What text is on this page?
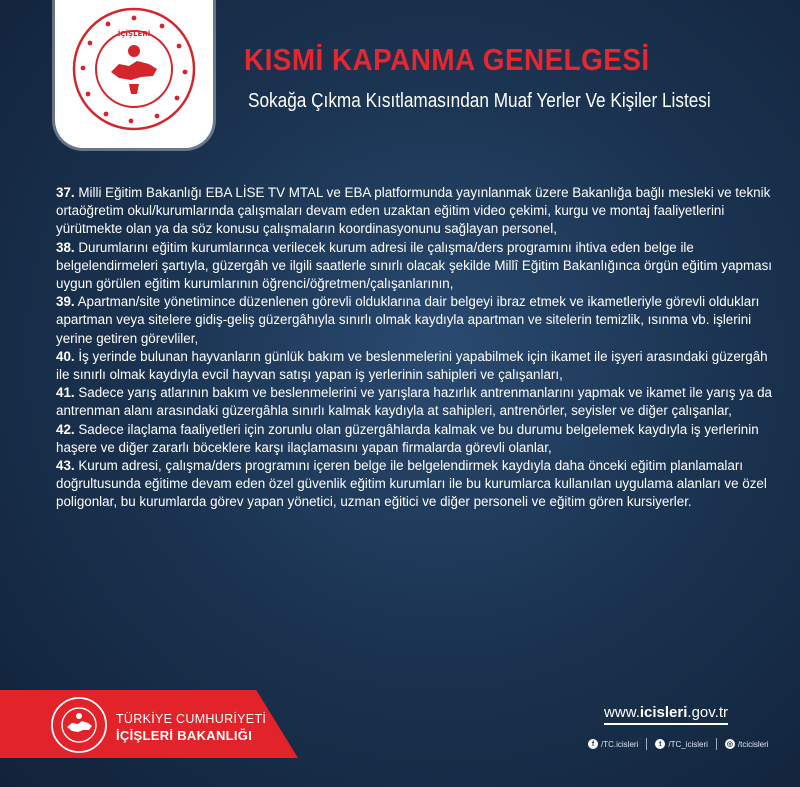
İÇİŞLERİ
KISMİ KAPANMA GENELGESİ
Sokağa Çıkma Kısıtlamasından Muaf Yerler Ve Kişiler Listesi

37. Milli Eğitim Bakanlığı EBA LİSE TV MTAL ve EBA platformunda yayınlanmak üzere Bakanlığa bağlı mesleki ve teknik ortaöğretim okul/kurumlarında çalışmaları devam eden uzaktan eğitim video çekimi, kurgu ve montaj faaliyetlerini yürütmekte olan ya da söz konusu çalışmaların koordinasyonunu sağlayan personel,

38. Durumlarını eğitim kurumlarınca verilecek kurum adresi ile çalışma/ders programını ihtiva eden belge ile belgelendirmeleri şartıyla, güzergâh ve ilgili saatlerle sınırlı olacak şekilde Millî Eğitim Bakanlığınca örgün eğitim yapması uygun görülen eğitim kurumlarının öğrenci/öğretmen/çalışanlarının,

39. Apartman/site yönetimince düzenlenen görevli olduklarına dair belgeyi ibraz etmek ve ikametleriyle görevli oldukları apartman veya sitelere gidiş-geliş güzergâhıyla sınırlı olmak kaydıyla apartman ve sitelerin temizlik, ısınma vb. işlerini yerine getiren görevliler,

40. İş yerinde bulunan hayvanların günlük bakım ve beslenmelerini yapabilmek için ikamet ile işyeri arasındaki güzergâh ile sınırlı olmak kaydıyla evcil hayvan satışı yapan iş yerlerinin sahipleri ve çalışanları,

41. Sadece yarış atlarının bakım ve beslenmelerini ve yarışlara hazırlık antrenmanlarını yapmak ve ikamet ile yarış ya da antrenman alanı arasındaki güzergâhla sınırlı kalmak kaydıyla at sahipleri, antrenörler, seyisler ve diğer çalışanlar,

42. Sadece ilaçlama faaliyetleri için zorunlu olan güzergâhlarda kalmak ve bu durumu belgelemek kaydıyla iş yerlerinin haşere ve diğer zararlı böceklere karşı ilaçlamasını yapan firmalarda görevli olanlar,

43. Kurum adresi, çalışma/ders programını içeren belge ile belgelendirmek kaydıyla daha önceki eğitim planlamaları doğrultusunda eğitime devam eden özel güvenlik eğitim kurumları ile bu kurumlarca kullanılan uygulama alanları ve özel poligonlar, bu kurumlarda görev yapan yönetici, uzman eğitici ve diğer personeli ve eğitim gören kursiyerler.

TÜRKİYE CUMHURİYETİ
İÇİŞLERİ BAKANLIĞI
www.icisleri.gov.tr
f /TC.icisleri	t /TC_icisleri	◎ /tcicisleri
